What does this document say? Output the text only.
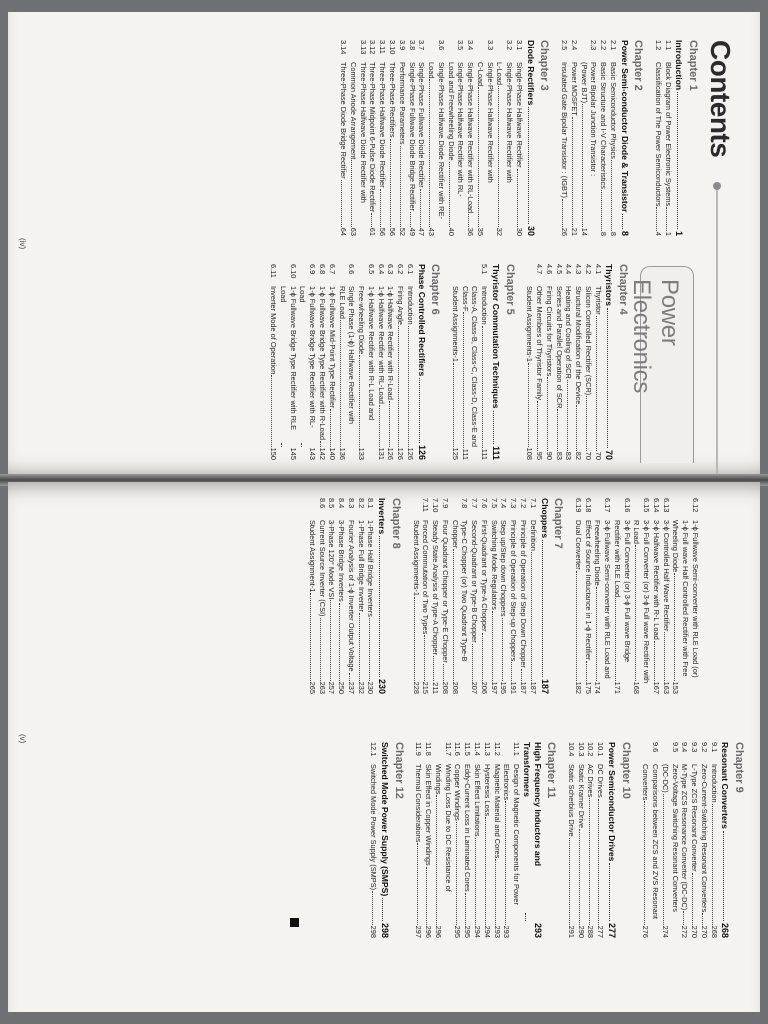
Contents
Power Electronics
Chapter 1
Introduction
1
1.1
Block Diagram of Power Electronic Systems
1
1.2
Classification of The Power Semiconductors
4
Chapter 2
Power Semi-conductor Diode & Transistor
8
2.1
Basic Semiconductor Physics
8
2.2
Basic Structure and I-V Characteristics
8
2.3
Power Bipolar Junction Transistor :
(Power BJT)
14
2.4
Power MOSFET
21
2.5
Insulated Gate Bipolar Transistor : (IGBT)
26
Chapter 3
Diode Rectifiers
30
3.1
Single-Phase Halfwave Rectifier
30
3.2
Single-Phase Halfwave Rectifier with
L-Load
32
3.3
Single-Phase Halfwave Rectifier with
C-Load
35
3.4
Single-Phase Halfwave Rectifier with RL-Load
36
3.5
Single-Phase Halfwave Rectifier with RL-
Load and Freewheeling Diode
40
3.6
Single-Phase Halfwave Diode Rectifier with RE-
Load
43
3.7
Single-Phase Fullwave Diode Rectifier
47
3.8
Single-Phase Fullwave Diode Bridge Rectifier
49
3.9
Performance Parameters
52
3.10
Three-Phase Rectifiers
56
3.11
Three-Phase Halfwave Diode Rectifier
56
3.12
Three-Phase Midpoint 6-Pulse Diode Rectifier
61
3.13
Three-Phase Halfwave Diode Rectifier with
Common Anode Arrangement
63
3.14
Three-Phase Diode Bridge Rectifier
64
Chapter 4
Thyristors
70
4.1
Thyristor
70
4.2
Silicon Controlled Rectifier (SCR)
70
4.3
Structural Modification of the Device
82
4.4
Heating and Cooling of SCR
83
4.5
Series and Parallel Operation of SCR
83
4.6
Firing Circuits for Thyristors
90
4.7
Other Members of Thyristor Family
95
Student Assignments-1
108
Chapter 5
Thyristor Commutation Techniques
111
5.1
Introduction
111
Class-A, Class-B, Class-C, Class-D, Class-E and
Class-F
111
Student Assignments-1
125
Chapter 6
Phase Controlled Rectifiers
126
6.1
Introduction
126
6.2
Firing Angle
126
6.3
1-ϕ Halfwave Rectifier with R-Load
126
6.4
1-ϕ Halfwave Rectifier with RL-Load
131
6.5
1-ϕ Halfwave Rectifier with R-L Load and
Free-wheeling Diode
133
6.6
Single Phase (1-ϕ) Halfwave Rectifier with
RLE Load
136
6.7
1-ϕ Fullwave Mid-Point Type Rectifier
140
6.8
1-ϕ Fullwave Bridge Type Rectifier with R-Load
142
6.9
1-ϕ Fullwave Bridge Type Rectifier with RL-Load
143
6.10
1-ϕ Fullwave Bridge Type Rectifier with RLE Load
145
6.11
Inverter Mode of Operation
150
(iv)
6.12
1-ϕ Fullwave Semi-converter with RLE Load (or)
1-ϕ Full wave Half Controlled Rectifier with Free
Wheeling Diode
153
6.13
3-ϕ Controlled Half Wave Rectifier
163
6.14
3-ϕ Halfwave Rectifier with R-L Load
167
6.15
3-ϕ Full Converter (or) 3-ϕ Full wave Rectifier with
R Load
168
6.16
3-ϕ Full Converter (or) 3-ϕ Full wave Bridge
Rectifier with RLE Load
171
6.17
3-ϕ Fullwave Semi-converter with RLE Load and
Freewheeling Diode
174
6.18
Effect of Source Inductance in 1-ϕ Rectifier
175
6.19
Dual Converter
182
Chapter 7
Choppers
187
7.1
Definition
187
7.2
Principle of Operation of Step Down Chopper
187
7.3
Principle of Operation of Step-up Choppers
191
7.4
Step up/Step down Choppers
195
7.5
Switching Mode Regulators
197
7.6
First-Quadrant or Type-A Chopper
206
7.7
Second-Quadrant or Type-B Chopper
207
7.8
Type-C Chopper (or) Two Quadrant Type-B
Chopper
208
7.9
Four Quadrant Chopper or Type-E Chopper
208
7.10
Steady State Analysis of Type-A Chopper
211
7.11
Forced Commutation of Two Types
215
Student Assignments-1
228
Chapter 8
Inverters
230
8.1
1-Phase Half Bridge Inverters
230
8.2
1-Phase Full Bridge Inverter
232
8.3
Fourier Analysis of 1-ϕ Inverter Output Voltage
237
8.4
3-Phase Bridge Inverters
250
8.5
3-Phase 120° Mode VSI
257
8.6
Current Source Inverter (CSI)
263
Student Assignment-1
265
Chapter 9
Resonant Converters
268
9.1
Introduction
268
9.2
Zero-Current-Switching Resonant Converters
270
9.3
L-Type ZCS Resonant Converter
270
9.4
M-Type ZCS Resonance Converter (DC-DC)
272
9.5
Zero-Voltage Switching Resonant Converters
(DC-DC)
274
9.6
Comparisons between ZCS and ZVS Resonant
Converters
276
Chapter 10
Power Semiconductor Drives
277
10.1
DC Drives
277
10.2
AC Drives
288
10.3
Static Kramer Drive
290
10.4
Static Scherbius Drive
291
Chapter 11
High Frequency Inductors and Transformers
293
11.1
Design of Magnetic Components for Power
Electronics
293
11.2
Magnetic Material and Cores
293
11.3
Hysteresis Loss
294
11.4
Skin Effect Limitations
294
11.5
Eddy-Current Loss in Laminated Cores
295
11.6
Copper Windings
295
11.7
Winding Loss Due to DC Resistance of
Windings
296
11.8
Skin Effect in Copper Windings
296
11.9
Thermal Considerations
297
Chapter 12
Switched Mode Power Supply (SMPS)
298
12.1
Switched Mode Power Supply (SMPS)
298
(v)
